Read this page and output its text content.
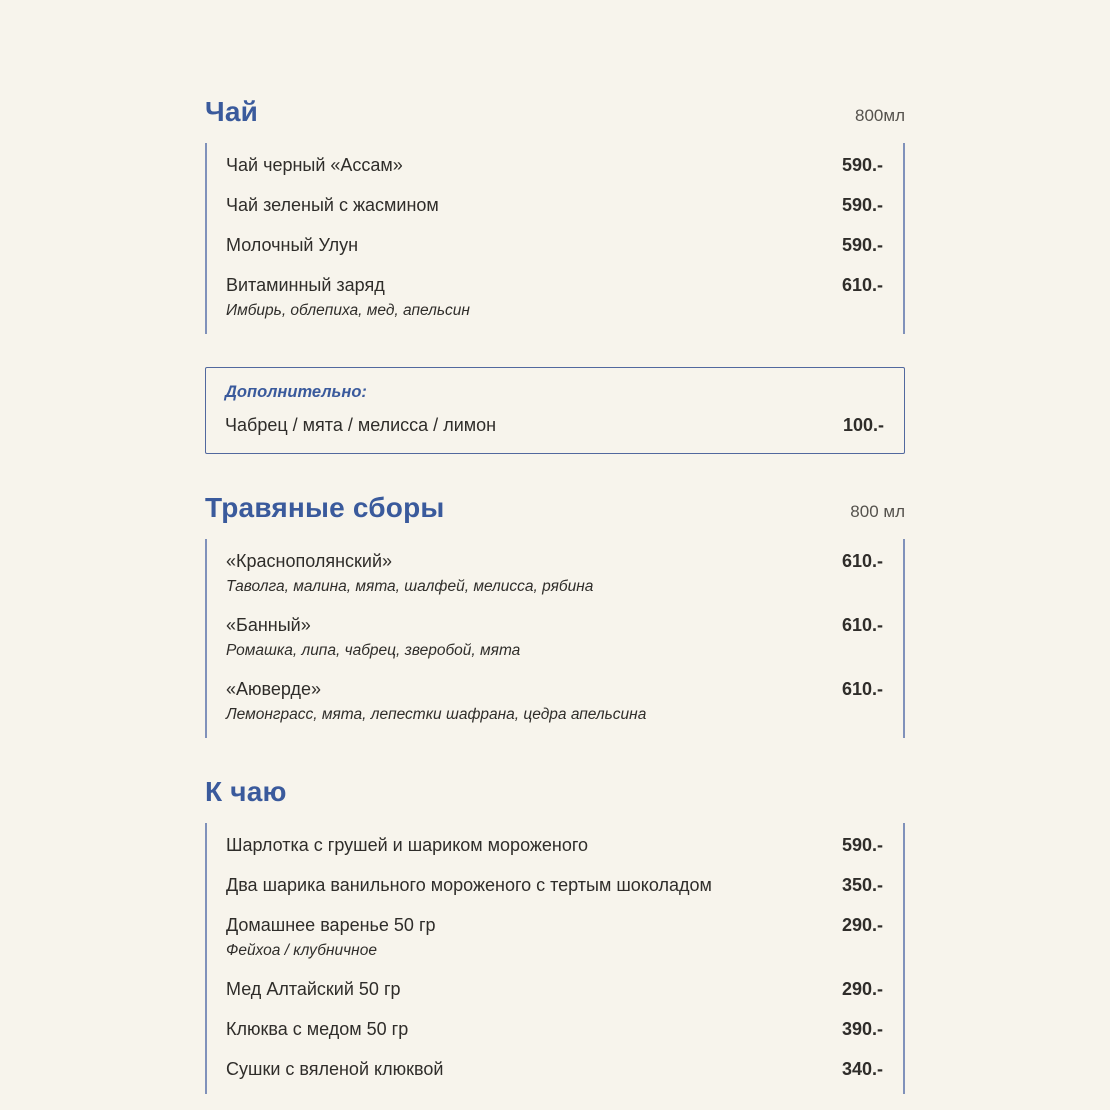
Чай	800мл
Чай черный «Ассам»	590.-
Чай зеленый с жасмином	590.-
Молочный Улун	590.-
Витаминный заряд	610.-
Имбирь, облепиха, мед, апельсин
Дополнительно:
Чабрец / мята / мелисса / лимон	100.-
Травяные сборы	800 мл
«Краснополянский»	610.-
Таволга, малина, мята, шалфей, мелисса, рябина
«Банный»	610.-
Ромашка, липа, чабрец, зверобой, мята
«Аюверде»	610.-
Лемонграсс, мята, лепестки шафрана, цедра апельсина
К чаю
Шарлотка с грушей и шариком мороженого	590.-
Два шарика ванильного мороженого с тертым шоколадом	350.-
Домашнее варенье 50 гр	290.-
Фейхоа / клубничное
Мед Алтайский 50 гр	290.-
Клюква с медом 50 гр	390.-
Сушки с вяленой клюквой	340.-
